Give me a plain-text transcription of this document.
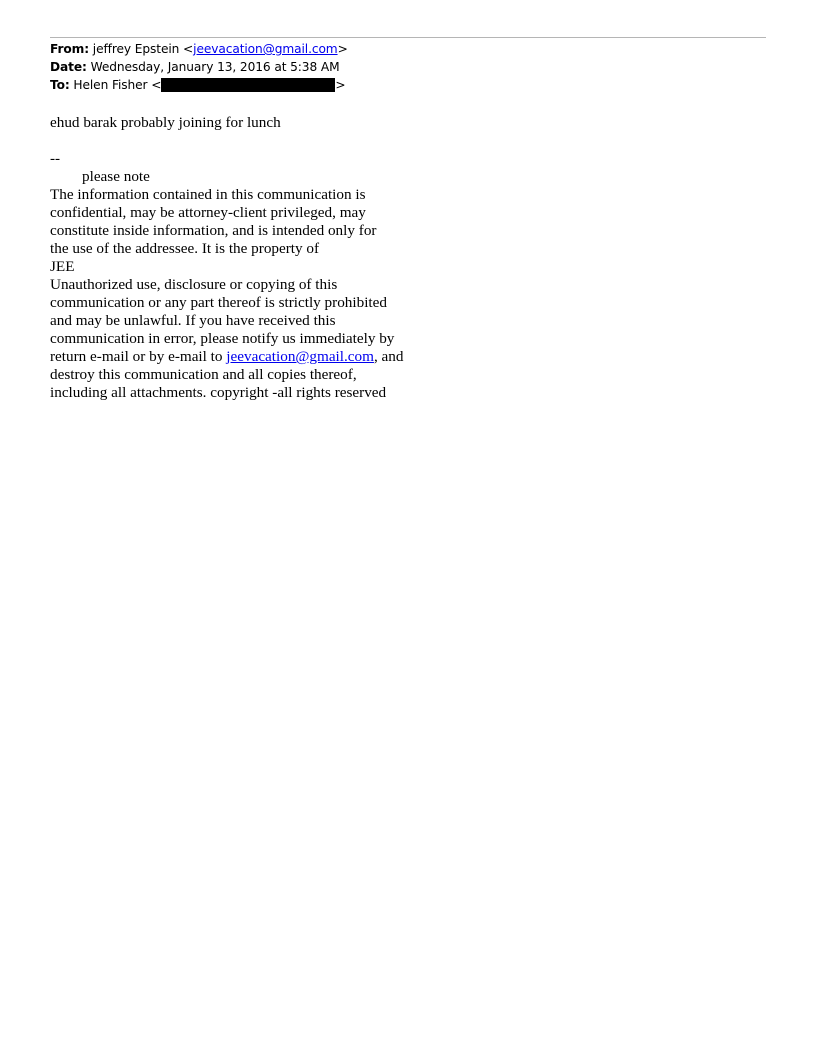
From: jeffrey Epstein <jeevacation@gmail.com>
Date: Wednesday, January 13, 2016 at 5:38 AM
To: Helen Fisher <	>
ehud barak probably joining for lunch
--
please note
The information contained in this communication is
confidential, may be attorney-client privileged, may
constitute inside information, and is intended only for
the use of the addressee. It is the property of
JEE
Unauthorized use, disclosure or copying of this
communication or any part thereof is strictly prohibited
and may be unlawful. If you have received this
communication in error, please notify us immediately by
return e-mail or by e-mail to jeevacation@gmail.com, and
destroy this communication and all copies thereof,
including all attachments. copyright -all rights reserved
